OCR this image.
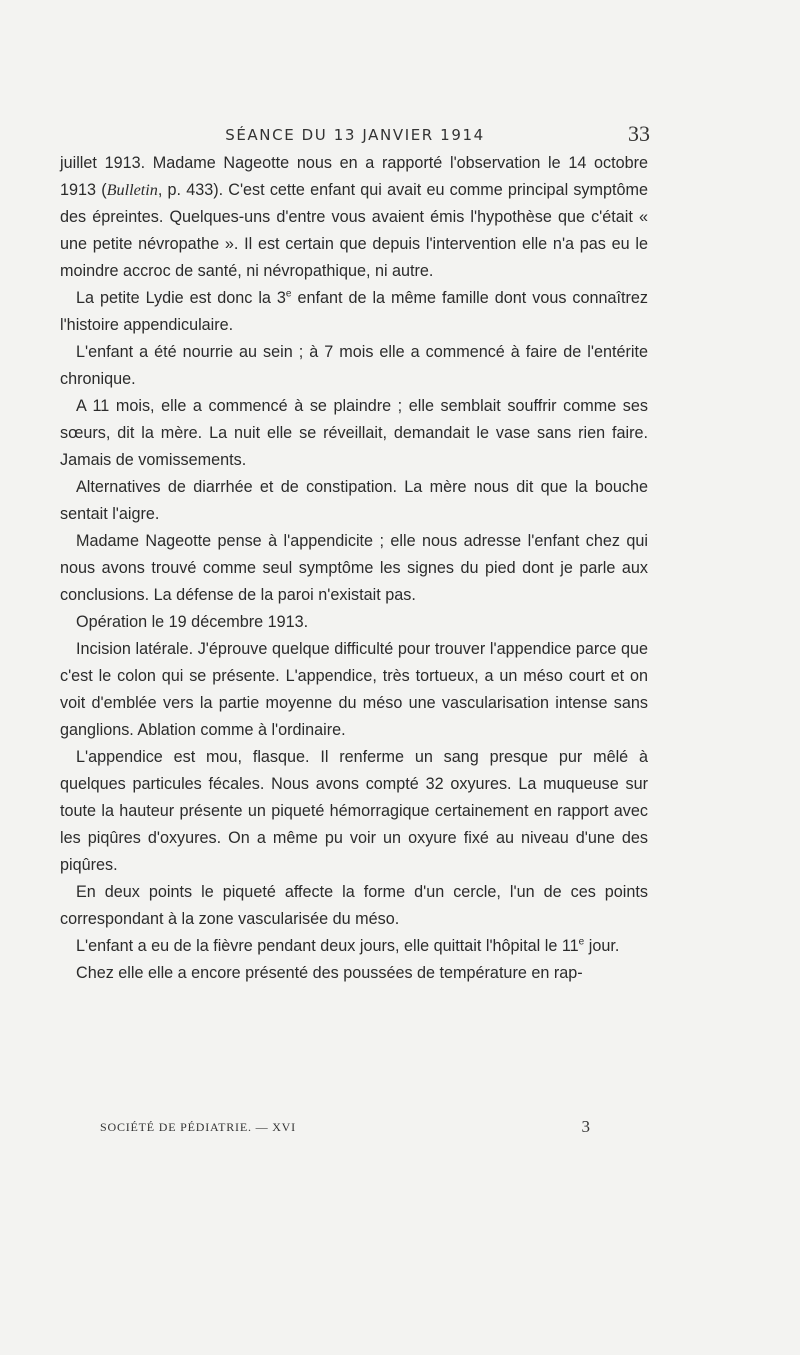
SÉANCE DU 13 JANVIER 1914	33

juillet 1913. Madame Nageotte nous en a rapporté l'observation le 14 octobre 1913 (Bulletin, p. 433). C'est cette enfant qui avait eu comme principal symptôme des épreintes. Quelques-uns d'entre vous avaient émis l'hypothèse que c'était « une petite névropathe ». Il est certain que depuis l'intervention elle n'a pas eu le moindre accroc de santé, ni névropathique, ni autre.

La petite Lydie est donc la 3e enfant de la même famille dont vous connaîtrez l'histoire appendiculaire.

L'enfant a été nourrie au sein ; à 7 mois elle a commencé à faire de l'entérite chronique.

A 11 mois, elle a commencé à se plaindre ; elle semblait souffrir comme ses sœurs, dit la mère. La nuit elle se réveillait, demandait le vase sans rien faire. Jamais de vomissements.

Alternatives de diarrhée et de constipation. La mère nous dit que la bouche sentait l'aigre.

Madame Nageotte pense à l'appendicite ; elle nous adresse l'enfant chez qui nous avons trouvé comme seul symptôme les signes du pied dont je parle aux conclusions. La défense de la paroi n'existait pas.

Opération le 19 décembre 1913.

Incision latérale. J'éprouve quelque difficulté pour trouver l'appendice parce que c'est le colon qui se présente. L'appendice, très tortueux, a un méso court et on voit d'emblée vers la partie moyenne du méso une vascularisation intense sans ganglions. Ablation comme à l'ordinaire.

L'appendice est mou, flasque. Il renferme un sang presque pur mêlé à quelques particules fécales. Nous avons compté 32 oxyures. La muqueuse sur toute la hauteur présente un piqueté hémorragique certainement en rapport avec les piqûres d'oxyures. On a même pu voir un oxyure fixé au niveau d'une des piqûres.

En deux points le piqueté affecte la forme d'un cercle, l'un de ces points correspondant à la zone vascularisée du méso.

L'enfant a eu de la fièvre pendant deux jours, elle quittait l'hôpital le 11e jour.

Chez elle elle a encore présenté des poussées de température en rap-

SOCIÉTÉ DE PÉDIATRIE. — XVI	3
